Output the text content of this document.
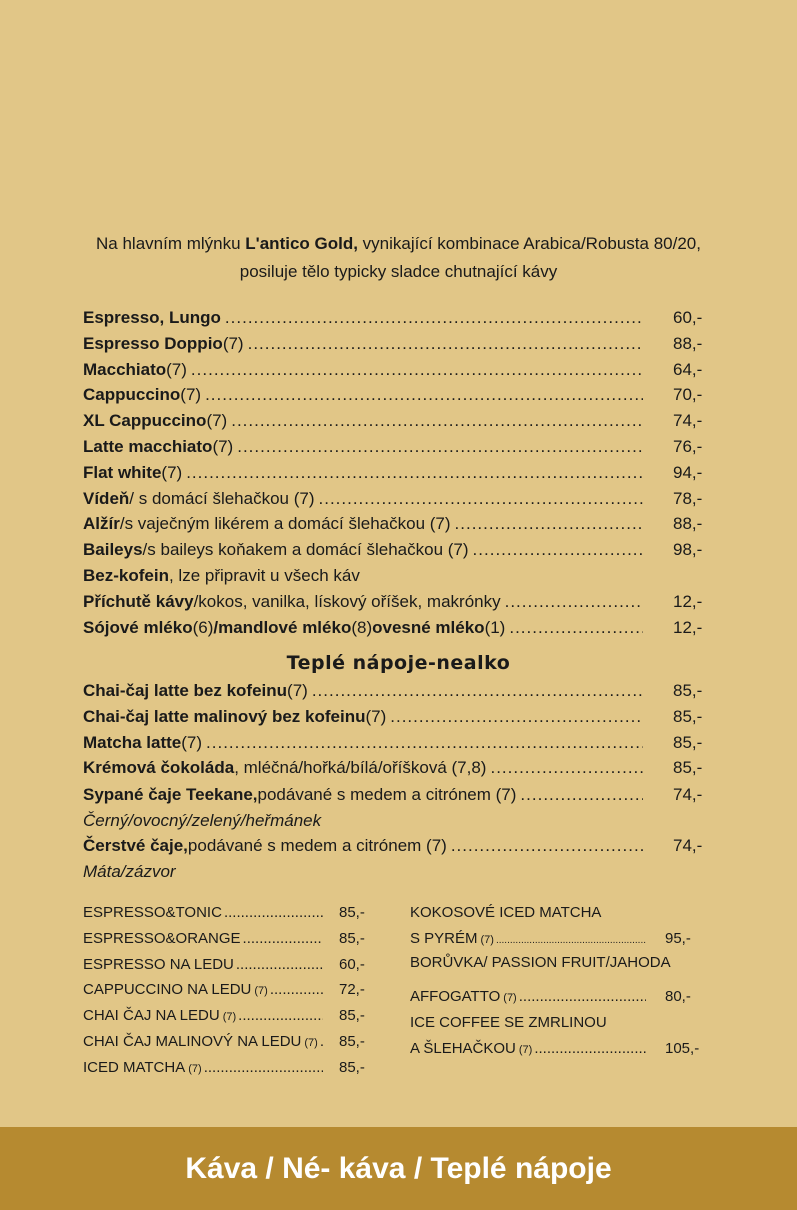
Na hlavním mlýnku L'antico Gold, vynikající kombinace Arabica/Robusta 80/20,
posiluje tělo typicky sladce chutnající kávy
Espresso, Lungo .....	60,-
Espresso Doppio (7) .....	88,-
Macchiato (7) .....	64,-
Cappuccino (7) .....	70,-
XL Cappuccino (7) .....	74,-
Latte macchiato (7) .....	76,-
Flat white (7) .....	94,-
Vídeň / s domácí šlehačkou (7) .....	78,-
Alžír /s vaječným likérem a domácí šlehačkou (7) .....	88,-
Baileys /s baileys koňakem a domácí šlehačkou (7) .....	98,-
Bez-kofein , lze připravit u všech káv
Příchutě kávy /kokos, vanilka, lískový oříšek, makrónky .....	12,-
Sójové mléko (6) /mandlové mléko (8) ovesné mléko (1) .....	12,-
Teplé nápoje-nealko
Chai-čaj latte bez kofeinu (7) .....	85,-
Chai-čaj latte malinový bez kofeinu (7) .....	85,-
Matcha latte (7) .....	85,-
Krémová čokoláda , mléčná/hořká/bílá/oříšková (7,8) .....	85,-
Sypané čaje Teekane, podávané s medem a citrónem (7) .....	74,-
Černý/ovocný/zelený/heřmánek
Čerstvé čaje, podávané s medem a citrónem (7) .....	74,-
Máta/zázvor
ESPRESSO&TONIC .....	85,-
ESPRESSO&ORANGE .....	85,-
ESPRESSO NA LEDU .....	60,-
CAPPUCCINO NA LEDU (7) .....	72,-
CHAI ČAJ NA LEDU (7) .....	85,-
CHAI ČAJ MALINOVÝ NA LEDU (7) ..... 85,-
ICED MATCHA (7) .....	85,-
KOKOSOVÉ ICED MATCHA
S PYRÉM (7) .....	95,-
BORŮVKA/ PASSION FRUIT/JAHODA
AFFOGATTO (7) .....	80,-
ICE COFFEE SE ZMRLINOU
A ŠLEHAČKOU (7) .....	105,-
Káva / Né- káva / Teplé nápoje
